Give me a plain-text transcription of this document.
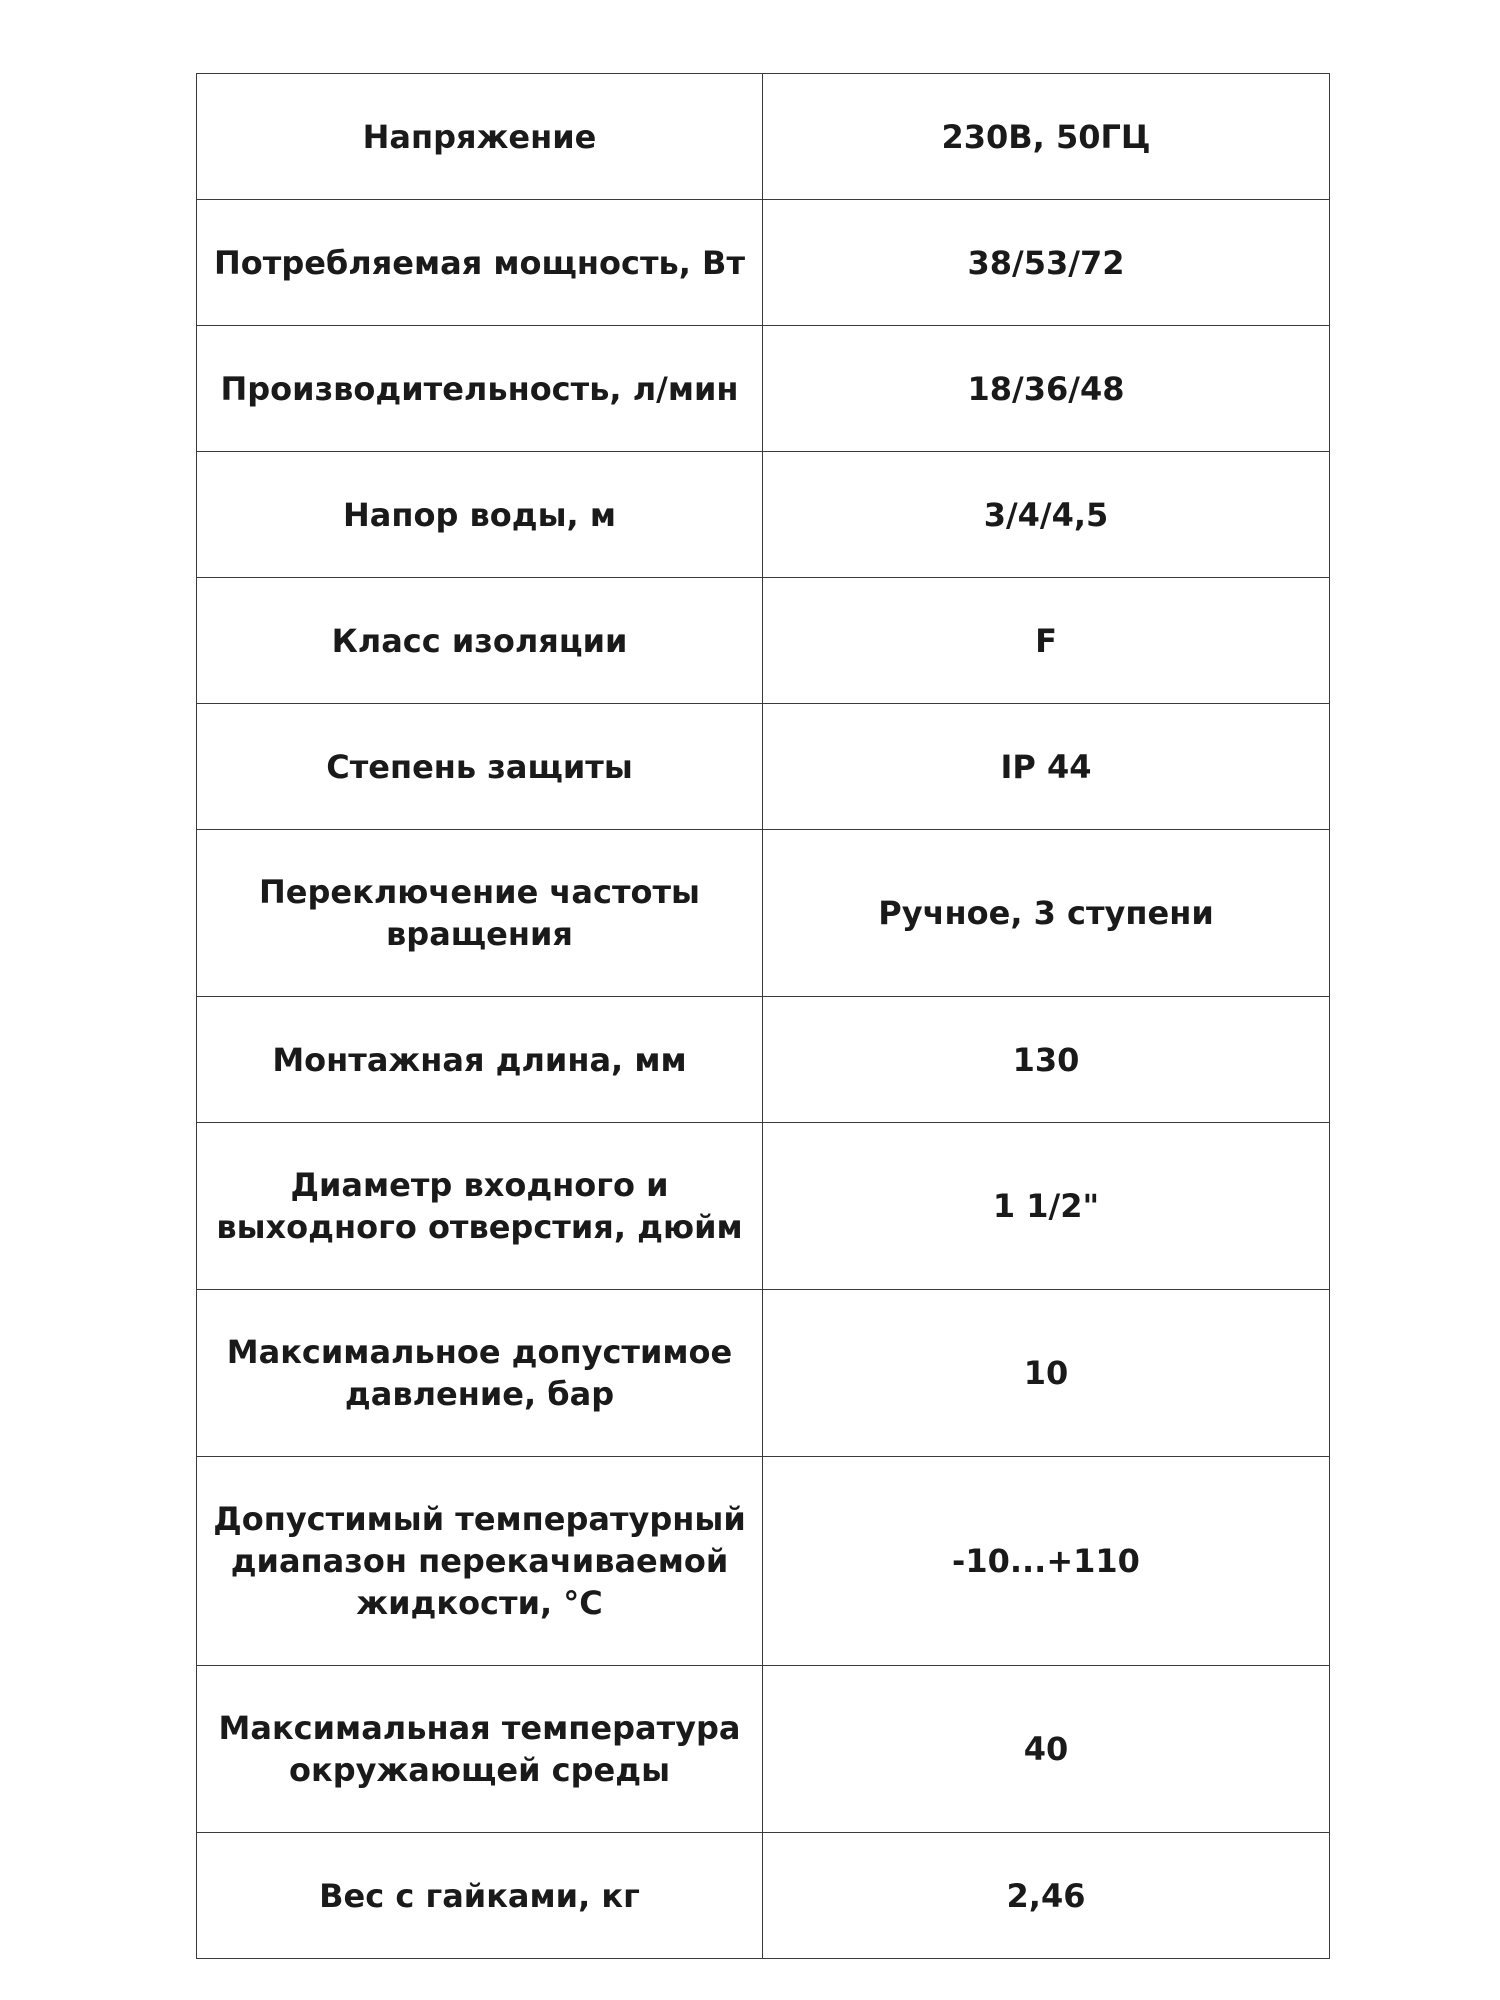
Напряжение	230В, 50ГЦ
Потребляемая мощность, Вт	38/53/72
Производительность, л/мин	18/36/48
Напор воды, м	3/4/4,5
Класс изоляции	F
Степень защиты	IP 44
Переключение частоты вращения	Ручное, 3 ступени
Монтажная длина, мм	130
Диаметр входного и выходного отверстия, дюйм	1 1/2"
Максимальное допустимое давление, бар	10
Допустимый температурный диапазон перекачиваемой жидкости, °С	-10...+110
Максимальная температура окружающей среды	40
Вес с гайками, кг	2,46
